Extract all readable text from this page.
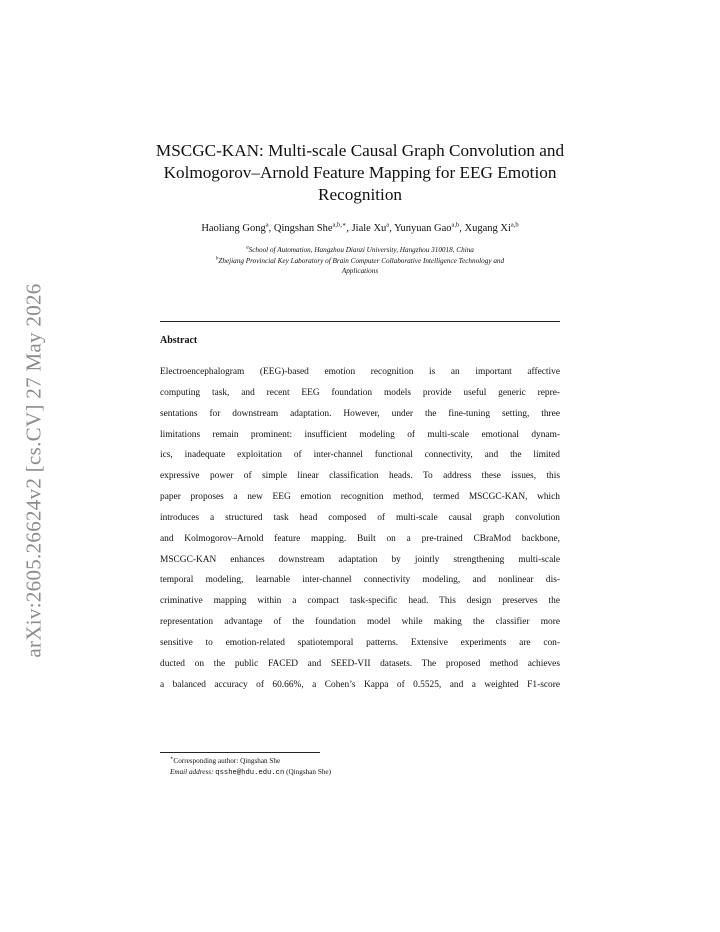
arXiv:2605.26624v2 [cs.CV] 27 May 2026
MSCGC-KAN: Multi-scale Causal Graph Convolution and
Kolmogorov–Arnold Feature Mapping for EEG Emotion
Recognition
Haoliang Gong$^a$, Qingshan She$^{a,b,∗}$, Jiale Xu$^a$, Yunyuan Gao$^{a,b}$, Xugang Xi$^{a,b}$
$^a$School of Automation, Hangzhou Dianzi University, Hangzhou 310018, China
$^b$Zhejiang Provincial Key Laboratory of Brain Computer Collaborative Intelligence Technology and
Applications
Abstract
Electroencephalogram (EEG)-based emotion recognition is an important affective
computing task, and recent EEG foundation models provide useful generic repre-
sentations for downstream adaptation. However, under the fine-tuning setting, three
limitations remain prominent: insufficient modeling of multi-scale emotional dynam-
ics, inadequate exploitation of inter-channel functional connectivity, and the limited
expressive power of simple linear classification heads. To address these issues, this
paper proposes a new EEG emotion recognition method, termed MSCGC-KAN, which
introduces a structured task head composed of multi-scale causal graph convolution
and Kolmogorov–Arnold feature mapping. Built on a pre-trained CBraMod backbone,
MSCGC-KAN enhances downstream adaptation by jointly strengthening multi-scale
temporal modeling, learnable inter-channel connectivity modeling, and nonlinear dis-
criminative mapping within a compact task-specific head. This design preserves the
representation advantage of the foundation model while making the classifier more
sensitive to emotion-related spatiotemporal patterns. Extensive experiments are con-
ducted on the public FACED and SEED-VII datasets. The proposed method achieves
a balanced accuracy of 60.66%, a Cohen’s Kappa of 0.5525, and a weighted F1-score
∗Corresponding author: Qingshan She
Email address: qsshe@hdu.edu.cn (Qingshan She)
